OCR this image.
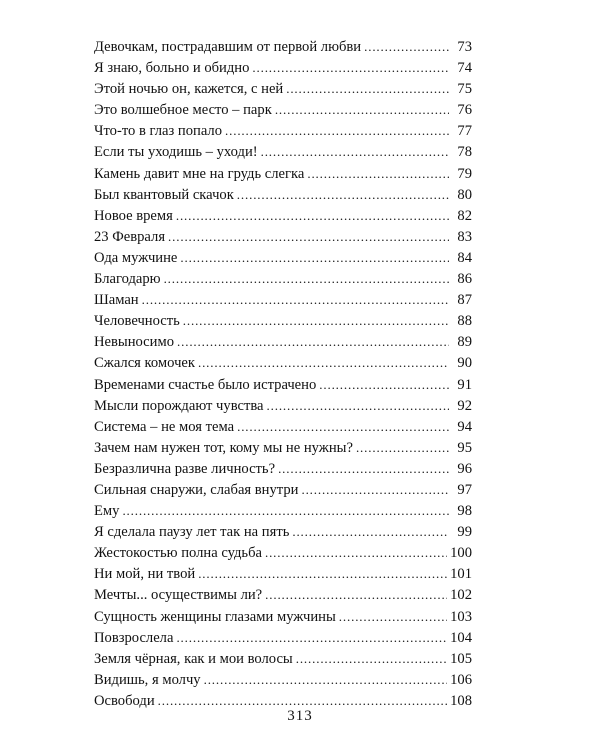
Девочкам, пострадавшим от первой любви . . .	73
Я знаю, больно и обидно . . .	74
Этой ночью он, кажется, с ней . . .	75
Это волшебное место – парк . . .	76
Что-то в глаз попало . . .	77
Если ты уходишь – уходи! . . .	78
Камень давит мне на грудь слегка . . .	79
Был квантовый скачок . . .	80
Новое время . . .	82
23 Февраля . . .	83
Ода мужчине . . .	84
Благодарю . . .	86
Шаман . . .	87
Человечность . . .	88
Невыносимо . . .	89
Сжался комочек . . .	90
Временами счастье было истрачено . . .	91
Мысли порождают чувства . . .	92
Система – не моя тема . . .	94
Зачем нам нужен тот, кому мы не нужны? . . .	95
Безразлична разве личность? . . .	96
Сильная снаружи, слабая внутри . . .	97
Ему . . .	98
Я сделала паузу лет так на пять . . .	99
Жестокостью полна судьба . . .	100
Ни мой, ни твой . . .	101
Мечты... осуществимы ли? . . .	102
Сущность женщины глазами мужчины . . .	103
Повзрослела . . .	104
Земля чёрная, как и мои волосы . . .	105
Видишь, я молчу . . .	106
Освободи . . .	108
313
